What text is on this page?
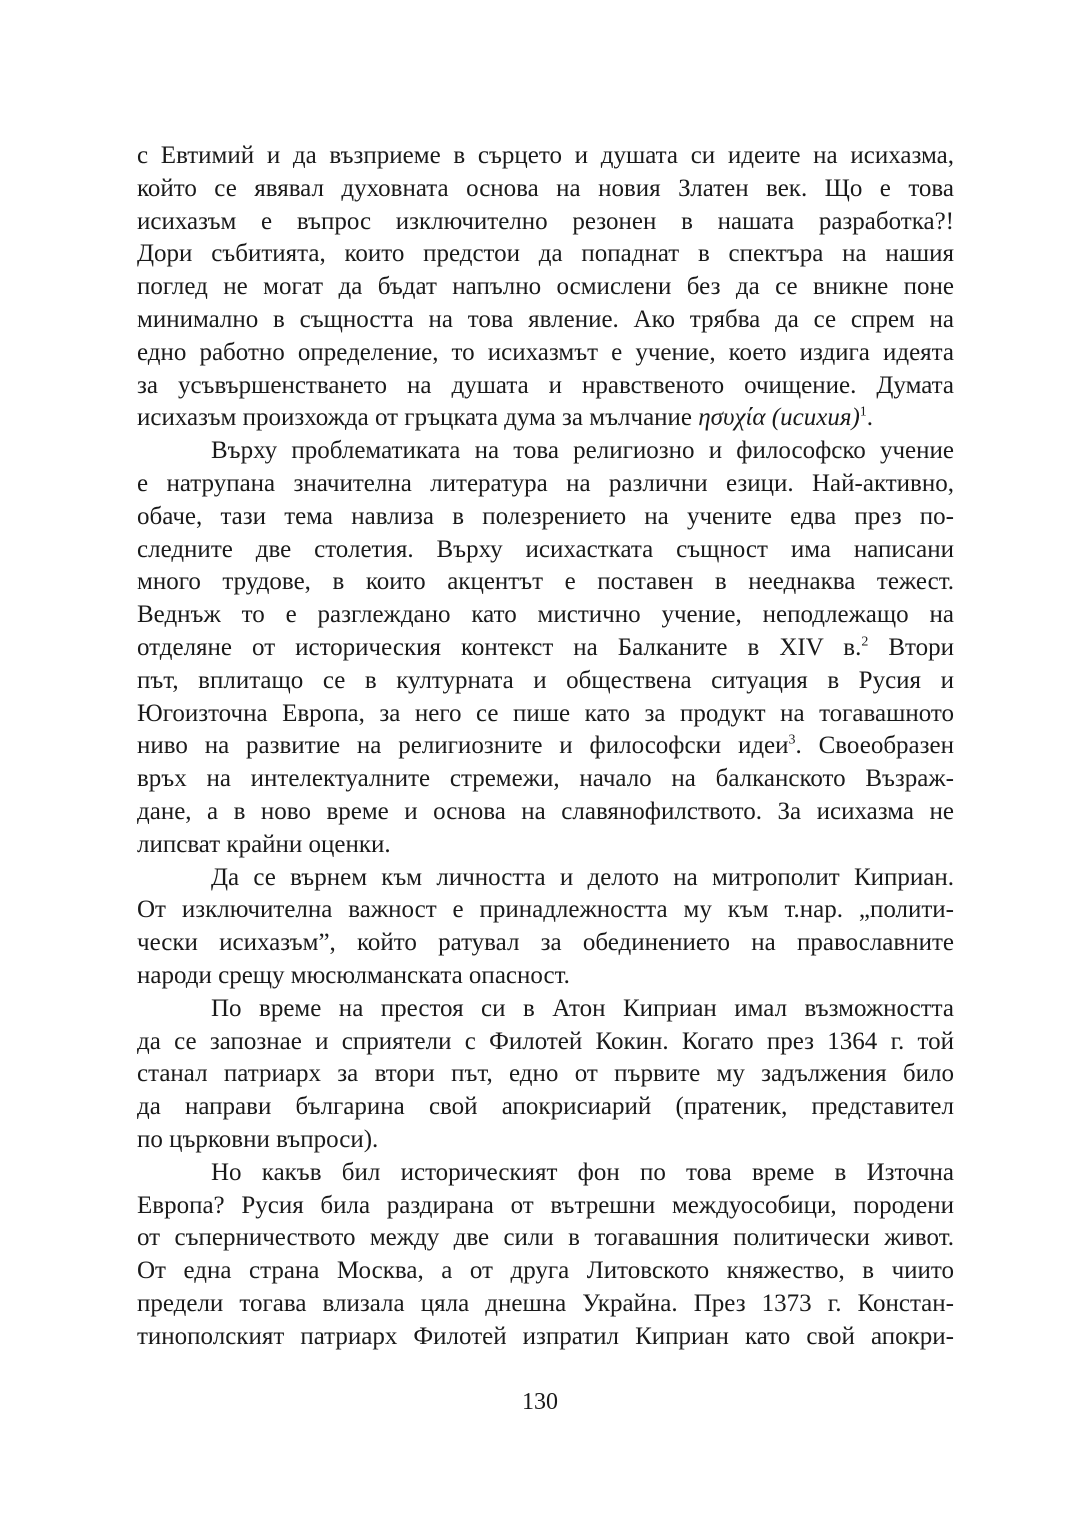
с Евтимий и да възприеме в сърцето и душата си идеите на исихазма,
който се явявал духовната основа на новия Златен век. Що е това
исихазъм е въпрос изключително резонен в нашата разработка?!
Дори събитията, които предстои да попаднат в спектъра на нашия
поглед не могат да бъдат напълно осмислени без да се вникне поне
минимално в същността на това явление. Ако трябва да се спрем на
едно работно определение, то исихазмът е учение, което издига идеята
за усъвършенстването на душата и нравственото очищение. Думата
исихазъм произхожда от гръцката дума за мълчание ησυχία (исихия)$^1$.
Върху проблематиката на това религиозно и философско учение
е натрупана значителна литература на различни езици. Най-активно,
обаче, тази тема навлиза в полезрението на учените едва през по-
следните две столетия. Върху исихастката същност има написани
много трудове, в които акцентът е поставен в нееднаква тежест.
Веднъж то е разглеждано като мистично учение, неподлежащо на
отделяне от историческия контекст на Балканите в XIV в.$^2$ Втори
път, вплитащо се в културната и обществена ситуация в Русия и
Югоизточна Европа, за него се пише като за продукт на тогавашното
ниво на развитие на религиозните и философски идеи$^3$. Своеобразен
връх на интелектуалните стремежи, начало на балканското Възраж-
дане, а в ново време и основа на славянофилството. За исихазма не
липсват крайни оценки.
Да се върнем към личността и делото на митрополит Киприан.
От изключителна важност е принадлежността му към т.нар. „полити-
чески исихазъм”, който ратувал за обединението на православните
народи срещу мюсюлманската опасност.
По време на престоя си в Атон Киприан имал възможността
да се запознае и сприятели с Филотей Кокин. Когато през 1364 г. той
станал патриарх за втори път, едно от първите му задължения било
да направи българина свой апокрисиарий (пратеник, представител
по църковни въпроси).
Но какъв бил историческият фон по това време в Източна
Европа? Русия била раздирана от вътрешни междуособици, породени
от съперничеството между две сили в тогавашния политически живот.
От една страна Москва, а от друга Литовското княжество, в чиито
предели тогава влизала цяла днешна Украйна. През 1373 г. Констан-
тинополският патриарх Филотей изпратил Киприан като свой апокри-
130
